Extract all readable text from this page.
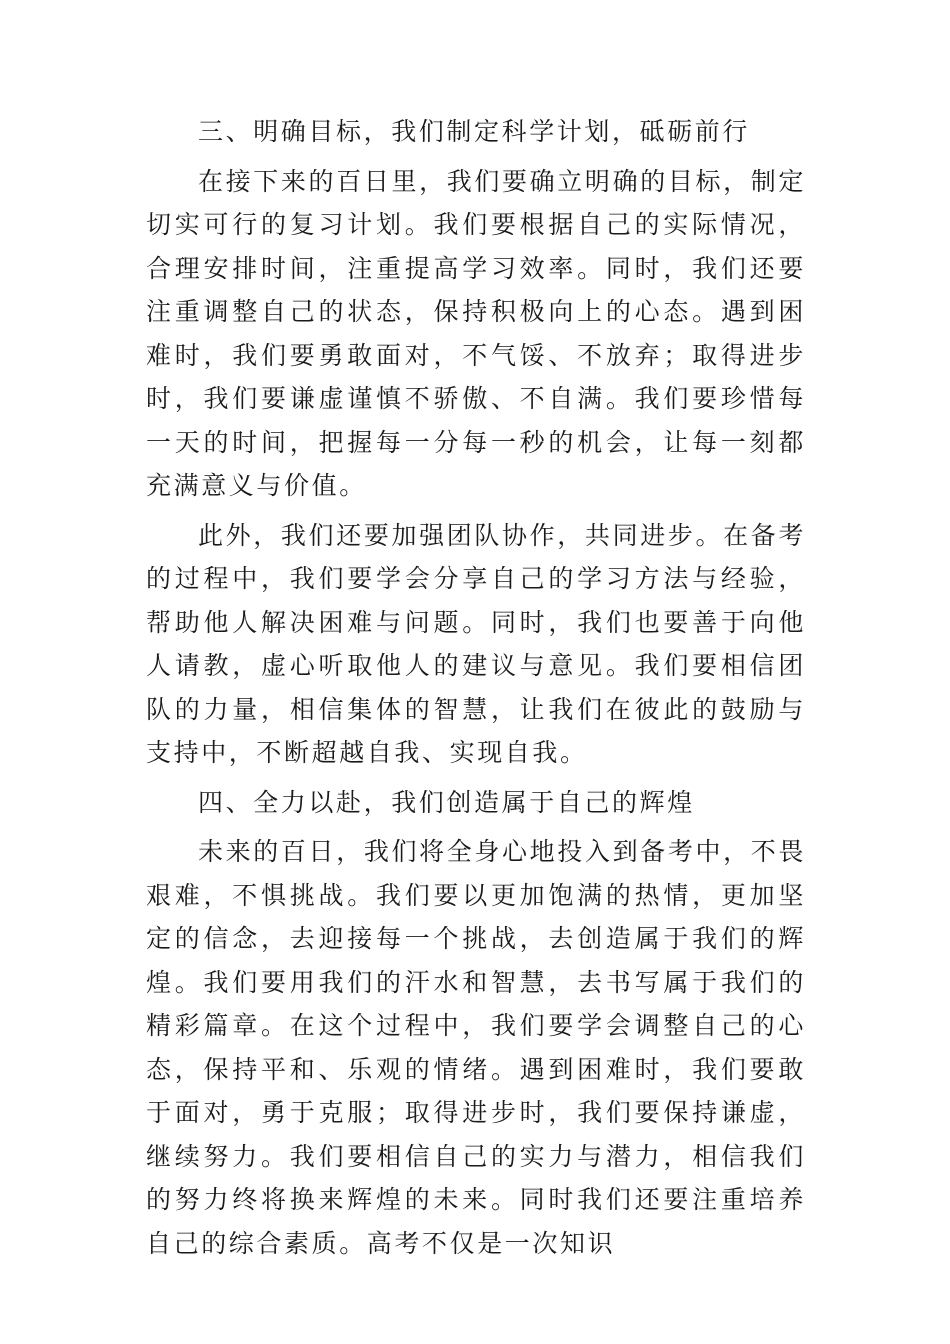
三、明确目标，我们制定科学计划，砥砺前行

在接下来的百日里，我们要确立明确的目标，制定切实可行的复习计划。我们要根据自己的实际情况，合理安排时间，注重提高学习效率。同时，我们还要注重调整自己的状态，保持积极向上的心态。遇到困难时，我们要勇敢面对，不气馁、不放弃；取得进步时，我们要谦虚谨慎不骄傲、不自满。我们要珍惜每一天的时间，把握每一分每一秒的机会，让每一刻都充满意义与价值。

此外，我们还要加强团队协作，共同进步。在备考的过程中，我们要学会分享自己的学习方法与经验，帮助他人解决困难与问题。同时，我们也要善于向他人请教，虚心听取他人的建议与意见。我们要相信团队的力量，相信集体的智慧，让我们在彼此的鼓励与支持中，不断超越自我、实现自我。

四、全力以赴，我们创造属于自己的辉煌

未来的百日，我们将全身心地投入到备考中，不畏艰难，不惧挑战。我们要以更加饱满的热情，更加坚定的信念，去迎接每一个挑战，去创造属于我们的辉煌。我们要用我们的汗水和智慧，去书写属于我们的精彩篇章。在这个过程中，我们要学会调整自己的心态，保持平和、乐观的情绪。遇到困难时，我们要敢于面对，勇于克服；取得进步时，我们要保持谦虚，继续努力。我们要相信自己的实力与潜力，相信我们的努力终将换来辉煌的未来。同时我们还要注重培养自己的综合素质。高考不仅是一次知识
